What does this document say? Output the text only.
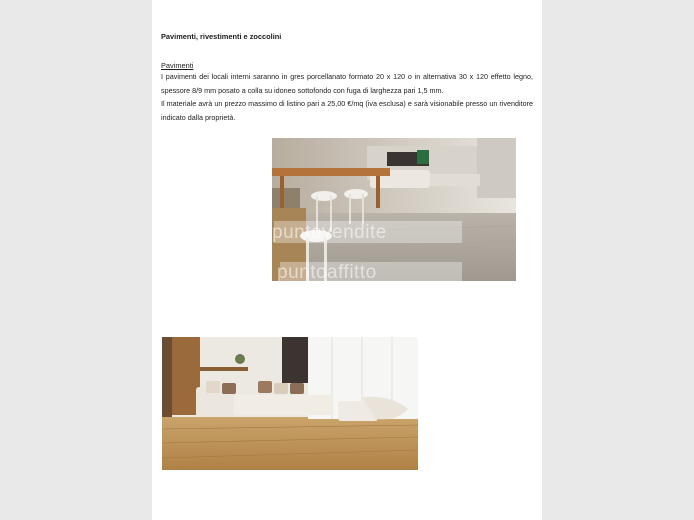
Pavimenti, rivestimenti e zoccolini
Pavimenti

I pavimenti dei locali interni saranno in gres porcellanato formato 20 x 120 o in alternativa 30 x 120 effetto legno, spessore 8/9 mm posato a colla su idoneo sottofondo con fuga di larghezza pari 1,5 mm.

Il materiale avrà un prezzo massimo di listino pari a 25,00 €/mq (iva esclusa) e sarà visionabile presso un rivenditore indicato dalla proprietà.

puntovendite
puntoaffitto
